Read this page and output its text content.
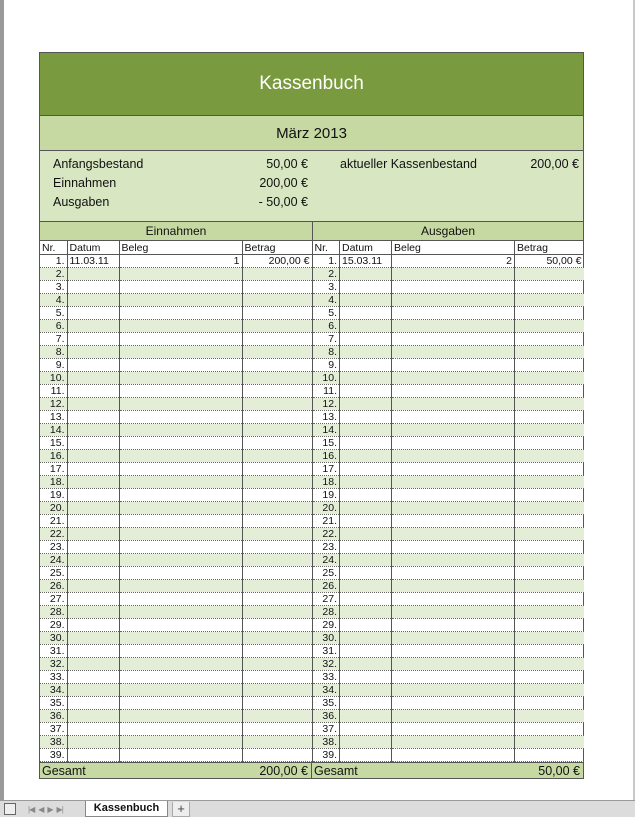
Kassenbuch
März 2013
Anfangsbestand	50,00 €
Einnahmen	200,00 €
Ausgaben	- 50,00 €
aktueller Kassenbestand	200,00 €
Einnahmen	Ausgaben
Nr.	Datum	Beleg	Betrag
1.	11.03.11	1	200,00 €
2.			
3.			
4.			
5.			
6.			
7.			
8.			
9.			
10.			
11.			
12.			
13.			
14.			
15.			
16.			
17.			
18.			
19.			
20.			
21.			
22.			
23.			
24.			
25.			
26.			
27.			
28.			
29.			
30.			
31.			
32.			
33.			
34.			
35.			
36.			
37.			
38.			
39.			
Nr.	Datum	Beleg	Betrag
1.	15.03.11	2	50,00 €
2.			
3.			
4.			
5.			
6.			
7.			
8.			
9.			
10.			
11.			
12.			
13.			
14.			
15.			
16.			
17.			
18.			
19.			
20.			
21.			
22.			
23.			
24.			
25.			
26.			
27.			
28.			
29.			
30.			
31.			
32.			
33.			
34.			
35.			
36.			
37.			
38.			
39.			
Gesamt	200,00 € Gesamt	50,00 €
|◀ ◀ ▶ ▶|	Kassenbuch	+
